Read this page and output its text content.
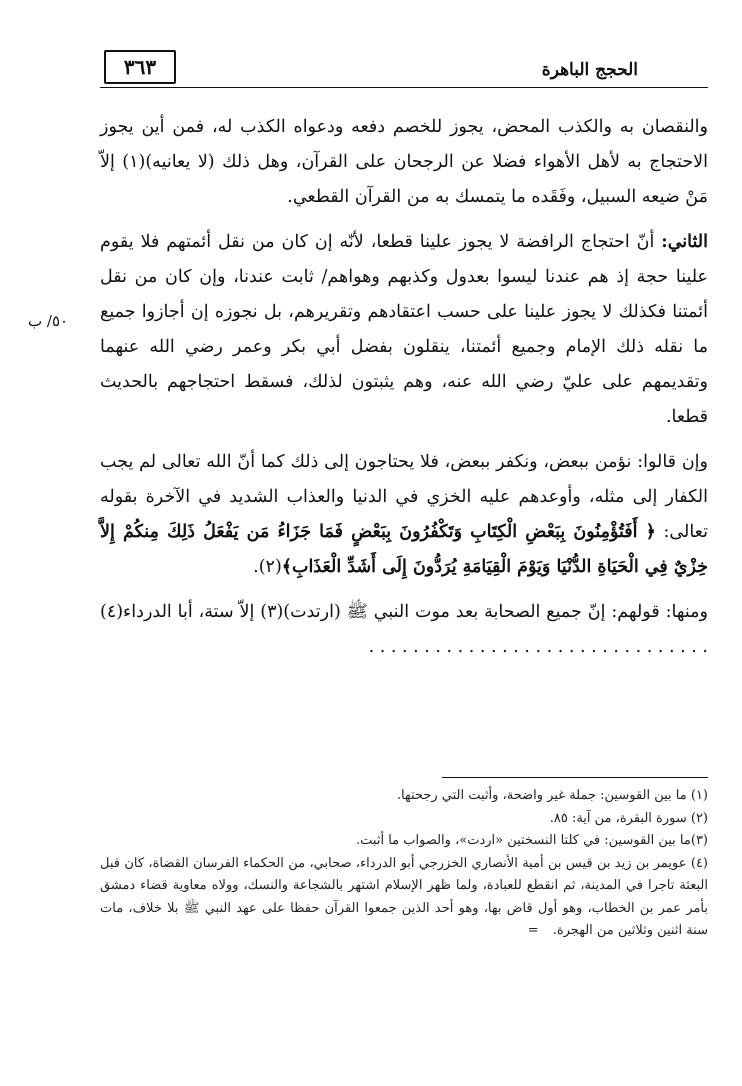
٣٦٣	الحجج الباهرة
٥٠/ ب

والنقصان به والكذب المحض، يجوز للخصم دفعه ودعواه الكذب له، فمن أين يجوز الاحتجاج به لأهل الأهواء فضلا عن الرجحان على القرآن، وهل ذلك (لا يعانيه)(١) إلاّ مَنْ ضيعه السبيل، وفَقَده ما يتمسك به من القرآن القطعي.

الثاني: أنّ احتجاج الرافضة لا يجوز علينا قطعا، لأنّه إن كان من نقل أئمتهم فلا يقوم علينا حجة إذ هم عندنا ليسوا بعدول وكذبهم وهواهم/ ثابت عندنا، وإن كان من نقل أئمتنا فكذلك لا يجوز علينا على حسب اعتقادهم وتقريرهم، بل نجوزه إن أجازوا جميع ما نقله ذلك الإمام وجميع أئمتنا، ينقلون بفضل أبي بكر وعمر رضي الله عنهما وتقديمهم على عليّ رضي الله عنه، وهم يثبتون لذلك، فسقط احتجاجهم بالحديث قطعا.

وإن قالوا: نؤمن ببعض، ونكفر ببعض، فلا يحتاجون إلى ذلك كما أنّ الله تعالى لم يجب الكفار إلى مثله، وأوعدهم عليه الخزي في الدنيا والعذاب الشديد في الآخرة بقوله تعالى: ﴿ أَفَتُؤْمِنُونَ بِبَعْضِ الْكِتَابِ وَتَكْفُرُونَ بِبَعْضٍ فَمَا جَزَاءُ مَن يَفْعَلُ ذَلِكَ مِنكُمْ إِلاَّ خِزْيٌ فِي الْحَيَاةِ الدُّنْيَا وَيَوْمَ الْقِيَامَةِ يُرَدُّونَ إِلَى أَشَدِّ الْعَذَابِ﴾(٢).

ومنها: قولهم: إنّ جميع الصحابة بعد موت النبي ﷺ (ارتدت)(٣) إلاّ ستة، أبا الدرداء(٤) . . . . . . . . . . . . . . . . . . . . . . . . . . . . . . .

(١) ما بين القوسين: جملة غير واضحة، وأثبت التي رجحتها.

(٢) سورة البقرة، من آية: ٨٥.

(٣)ما بين القوسين: في كلتا النسختين «اردت»، والصواب ما أثبت.

(٤) عويمر بن زيد بن قيس بن أمية الأنصاري الخزرجي أبو الدرداء، صحابي، من الحكماء الفرسان القضاة، كان قبل البعثة تاجرا في المدينة، ثم انقطع للعبادة، ولما ظهر الإسلام اشتهر بالشجاعة والنسك، وولاه معاوية قضاء دمشق بأمر عمر بن الخطاب، وهو أول قاض بها، وهو أحد الذين جمعوا القرآن حفظا على عهد النبي ﷺ بلا خلاف، مات سنة اثنين وثلاثين من الهجرة.=
